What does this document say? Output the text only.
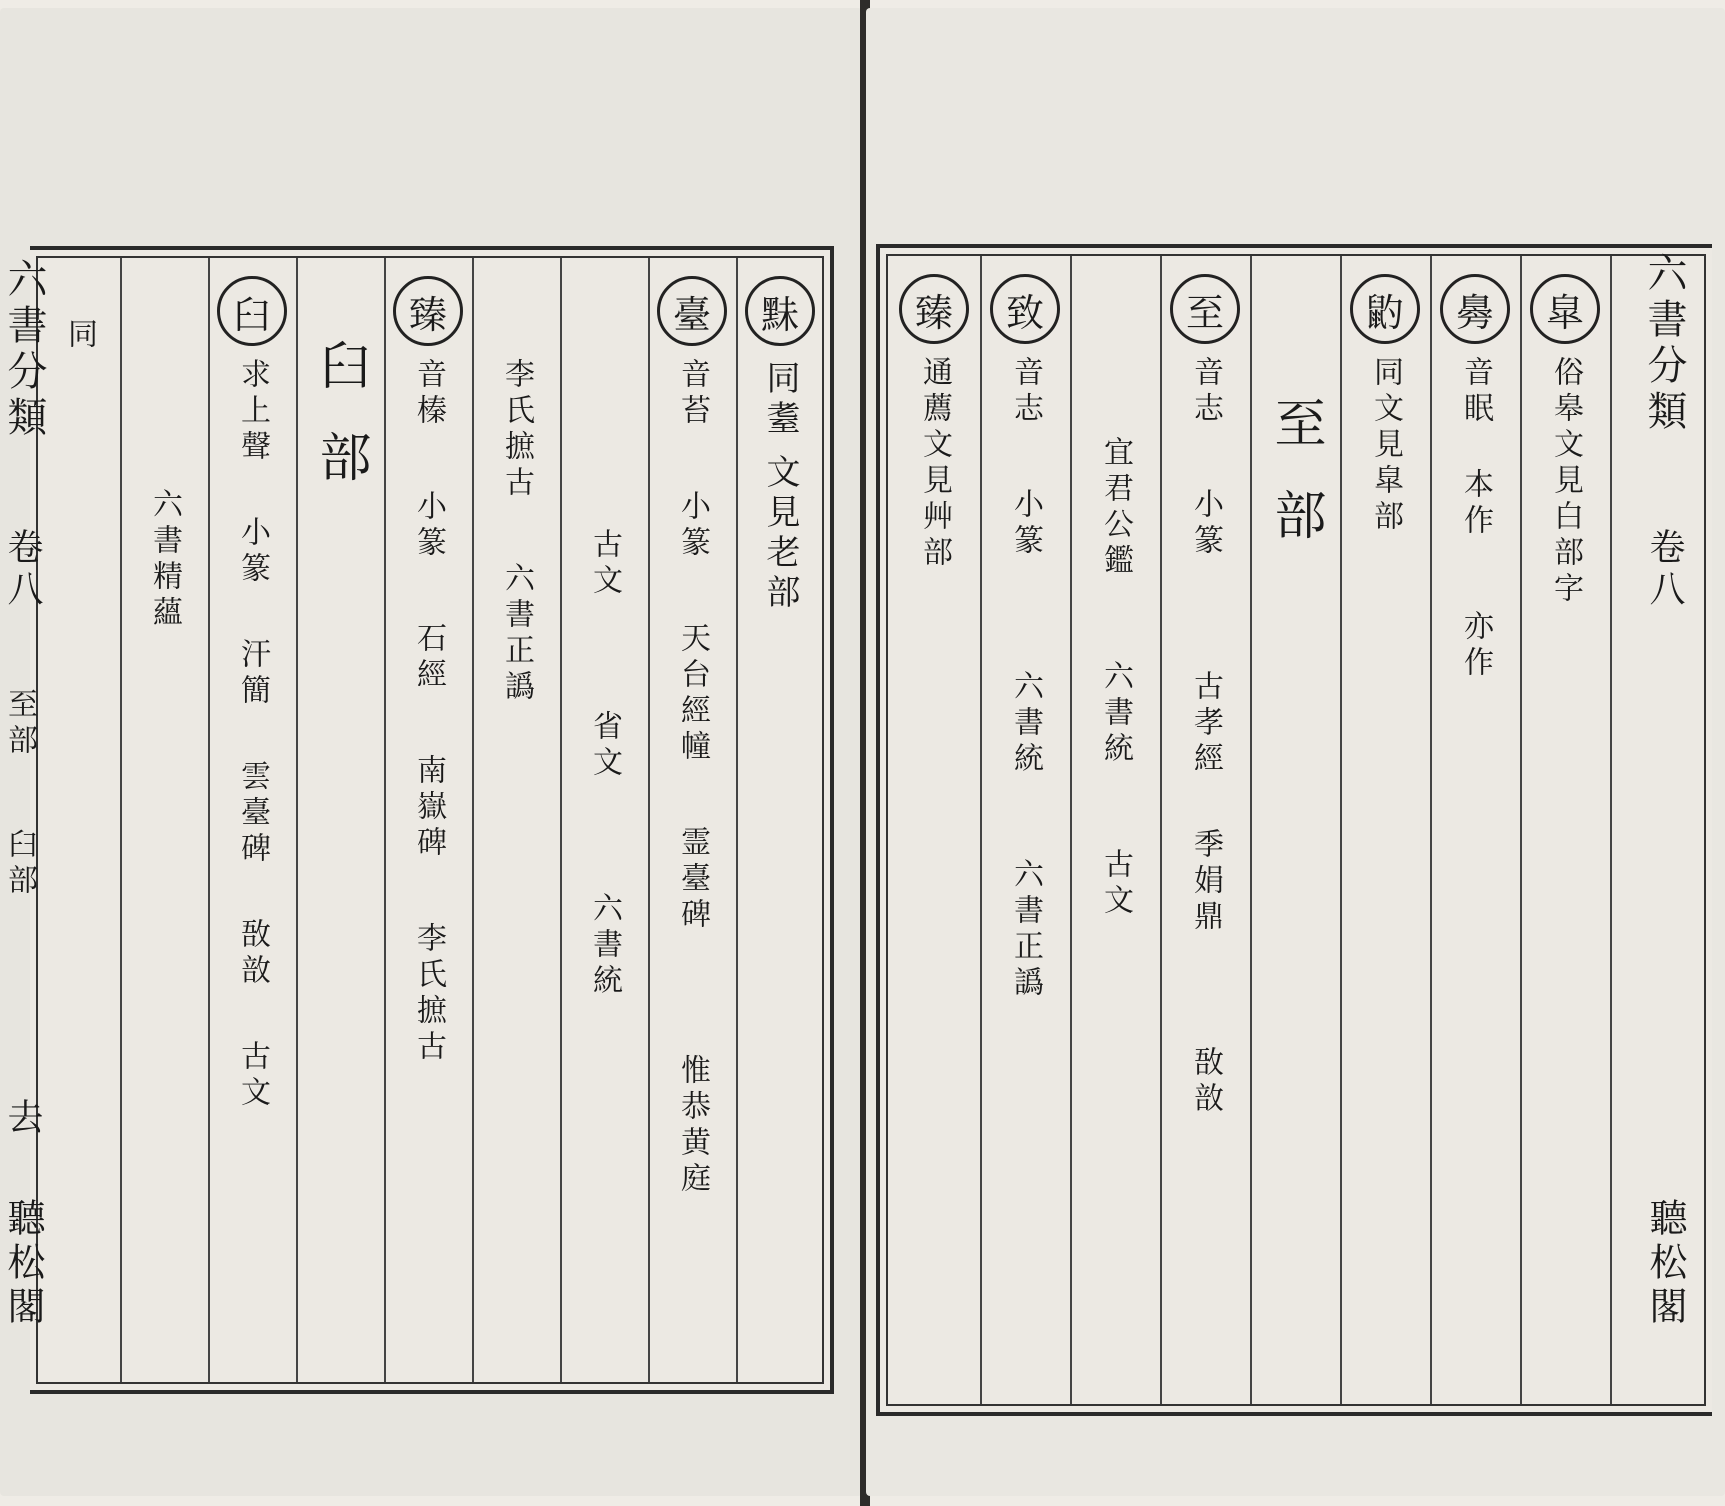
䵢
同耋
文見老部
臺
音苔
小篆
天台
經幢
霊臺
碑
惟恭
黄庭
古文
省文
六書
統
李氏
摭古
六書
正譌
臻
音榛
小篆
石經
南嶽
碑
李氏
摭古
臼部
臼
求上
聲
小篆
汗簡
雲臺
碑
敔敨
古文
六書
精蘊
同
六書分類
卷八
至部
臼部
去
聽松閣
皐
俗皋文見白部
字
臱
音眠
本作
亦作
䶂
同
文見皐部
至部
至
音志
小篆
古孝
經
季娟
鼎
敔敨
宜君
公鑑
六書
統
古文
致
音志
小篆
六書
統
六書
正譌
臻
通薦
文見艸部
六書分類
卷八
聽松閣
